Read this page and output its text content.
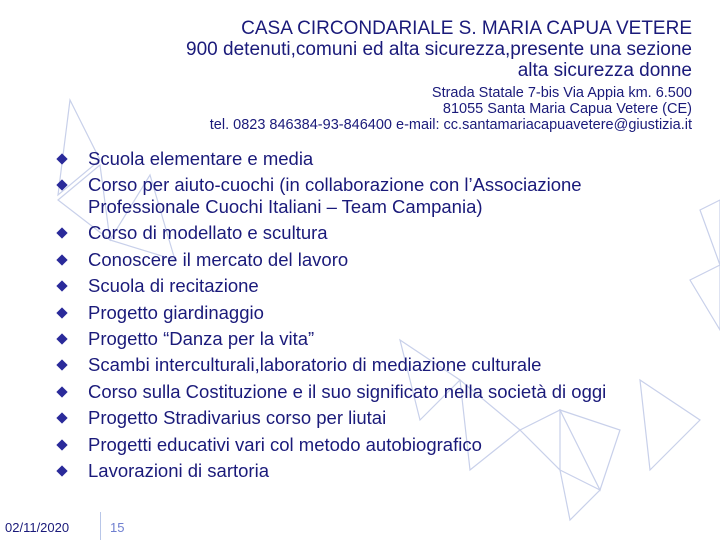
CASA CIRCONDARIALE S. MARIA CAPUA VETERE
900 detenuti,comuni ed alta sicurezza,presente una sezione
alta sicurezza donne
Strada Statale 7-bis Via Appia km. 6.500
81055 Santa Maria Capua Vetere (CE)
tel. 0823 846384-93-846400 e-mail: cc.santamariacapuavetere@giustizia.it
Scuola elementare e media
Corso per aiuto-cuochi (in collaborazione con l’Associazione Professionale Cuochi Italiani – Team Campania)
Corso di modellato e scultura
Conoscere il mercato del lavoro
Scuola di recitazione
Progetto giardinaggio
Progetto “Danza per la vita”
Scambi interculturali,laboratorio di mediazione culturale
Corso sulla Costituzione e il suo significato nella società di oggi
Progetto Stradivarius corso per liutai
Progetti educativi vari col metodo autobiografico
Lavorazioni di sartoria
02/11/2020	15
